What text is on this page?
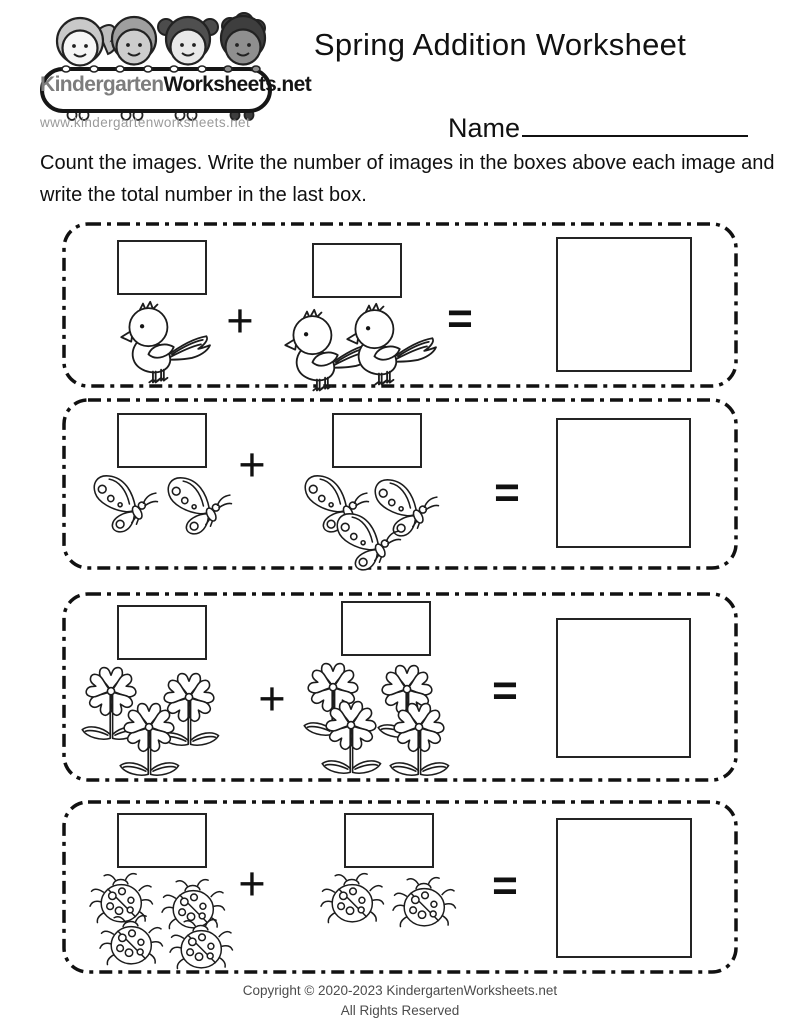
KindergartenWorksheets.net
www.kindergartenworksheets.net
Spring Addition Worksheet
Name
Count the images. Write the number of images in the boxes above each image and write the total number in the last box.
+	=
+
=
+	=
+	=
Copyright © 2020-2023 KindergartenWorksheets.net
All Rights Reserved
